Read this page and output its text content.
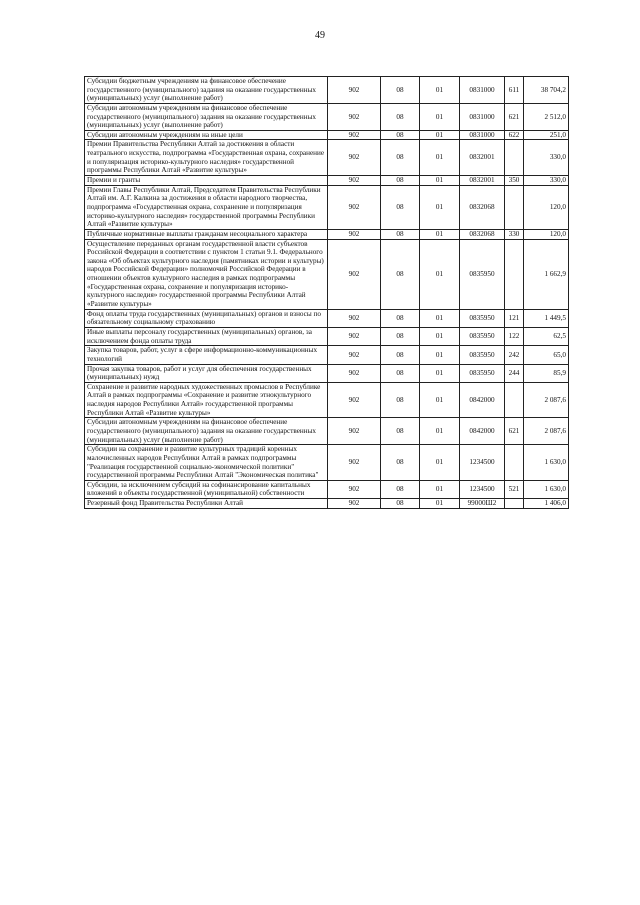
49
Субсидии бюджетным учреждениям на финансовое обеспечение государственного (муниципального) задания на оказание государственных (муниципальных) услуг (выполнение работ)	902	08	01	0831000	611	38 704,2
Субсидии автономным учреждениям на финансовое обеспечение государственного (муниципального) задания на оказание государственных (муниципальных) услуг (выполнение работ)	902	08	01	0831000	621	2 512,0
Субсидии автономным учреждениям на иные цели	902	08	01	0831000	622	251,0
Премии Правительства Республики Алтай за достижения в области театрального искусства, подпрограмма «Государственная охрана, сохранение и популяризация историко-культурного наследия» государственной программы Республики Алтай «Развитие культуры»	902	08	01	0832001		330,0
Премии и гранты	902	08	01	0832001	350	330,0
Премии Главы Республики Алтай, Председателя Правительства Республики Алтай им. А.Г. Калкина за достижения в области народного творчества, подпрограмма «Государственная охрана, сохранение и популяризация историко-культурного наследия» государственной программы Республики Алтай «Развитие культуры»	902	08	01	0832068		120,0
Публичные нормативные выплаты гражданам несоциального характера	902	08	01	0832068	330	120,0
Осуществление переданных органам государственной власти субъектов Российской Федерации в соответствии с пунктом 1 статьи 9.1. Федерального закона «Об объектах культурного наследия (памятниках истории и культуры) народов Российской Федерации» полномочий Российской Федерации в отношении объектов культурного наследия в рамках подпрограммы «Государственная охрана, сохранение и популяризация историко-культурного наследия» государственной программы Республики Алтай «Развитие культуры»	902	08	01	0835950		1 662,9
Фонд оплаты труда государственных (муниципальных) органов и взносы по обязательному социальному страхованию	902	08	01	0835950	121	1 449,5
Иные выплаты персоналу государственных (муниципальных) органов, за исключением фонда оплаты труда	902	08	01	0835950	122	62,5
Закупка товаров, работ, услуг в сфере информационно-коммуникационных технологий	902	08	01	0835950	242	65,0
Прочая закупка товаров, работ и услуг для обеспечения государственных (муниципальных) нужд	902	08	01	0835950	244	85,9
Сохранение и развитие народных художественных промыслов в Республике Алтай в рамках подпрограммы «Сохранение и развитие этнокультурного наследия народов Республики Алтай» государственной программы Республики Алтай «Развитие культуры»	902	08	01	0842000		2 087,6
Субсидии автономным учреждениям на финансовое обеспечение государственного (муниципального) задания на оказание государственных (муниципальных) услуг (выполнение работ)	902	08	01	0842000	621	2 087,6
Субсидии на сохранение и развитие культурных традиций коренных малочисленных народов Республики Алтай в рамках подпрограммы "Реализация государственной социально-экономической политики" государственной программы Республики Алтай "Экономическая политика"	902	08	01	1234500		1 630,0
Субсидии, за исключением субсидий на софинансирование капитальных вложений в объекты государственной (муниципальной) собственности	902	08	01	1234500	521	1 630,0
Резервный фонд Правительства Республики Алтай	902	08	01	99000Ш2		1 406,0
